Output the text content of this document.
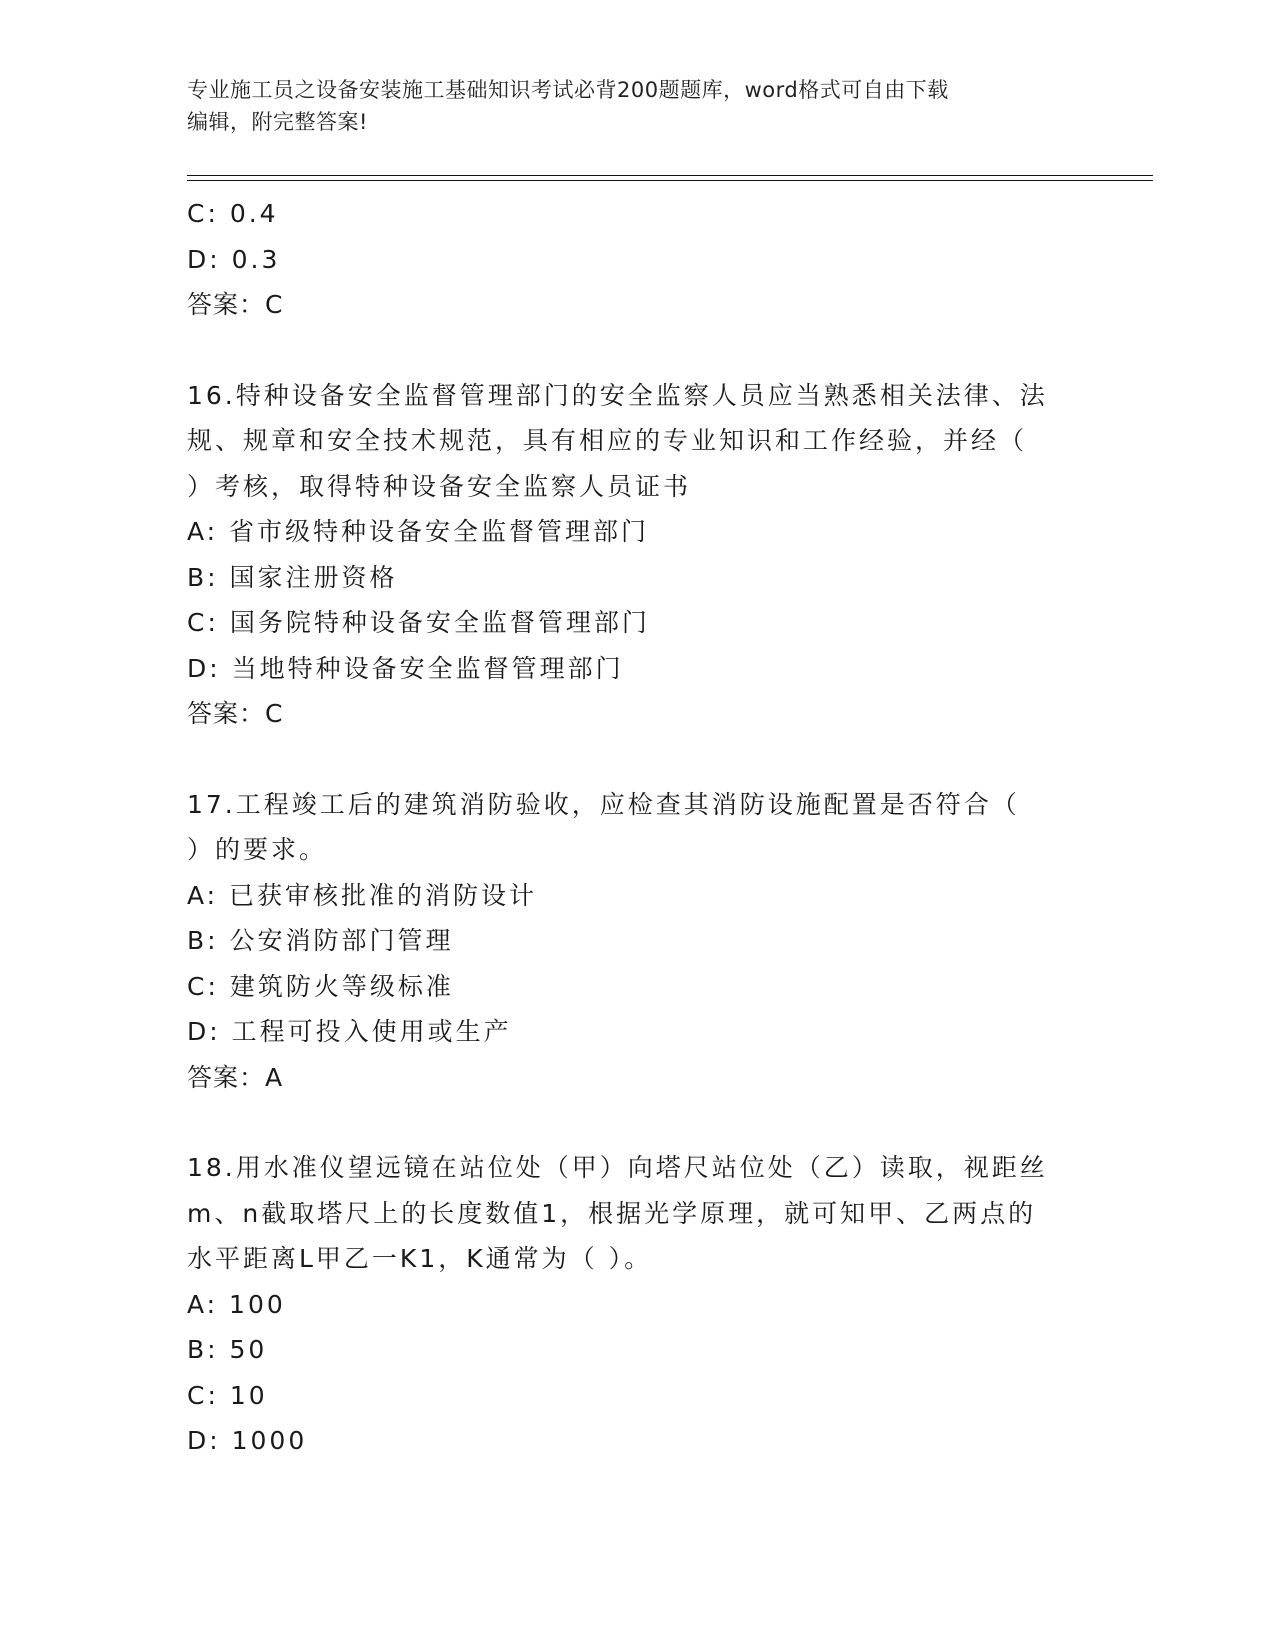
专业施工员之设备安装施工基础知识考试必背200题题库，word格式可自由下载
编辑，附完整答案!
C: 0.4
D: 0.3
答案：C
16.特种设备安全监督管理部门的安全监察人员应当熟悉相关法律、法
规、规章和安全技术规范，具有相应的专业知识和工作经验，并经（
）考核，取得特种设备安全监察人员证书
A: 省市级特种设备安全监督管理部门
B: 国家注册资格
C: 国务院特种设备安全监督管理部门
D: 当地特种设备安全监督管理部门
答案：C
17.工程竣工后的建筑消防验收，应检查其消防设施配置是否符合（
）的要求。
A: 已获审核批准的消防设计
B: 公安消防部门管理
C: 建筑防火等级标准
D: 工程可投入使用或生产
答案：A
18.用水准仪望远镜在站位处（甲）向塔尺站位处（乙）读取，视距丝
m、n截取塔尺上的长度数值1，根据光学原理，就可知甲、乙两点的
水平距离L甲乙一K1，K通常为（ ）。
A: 100
B: 50
C: 10
D: 1000
